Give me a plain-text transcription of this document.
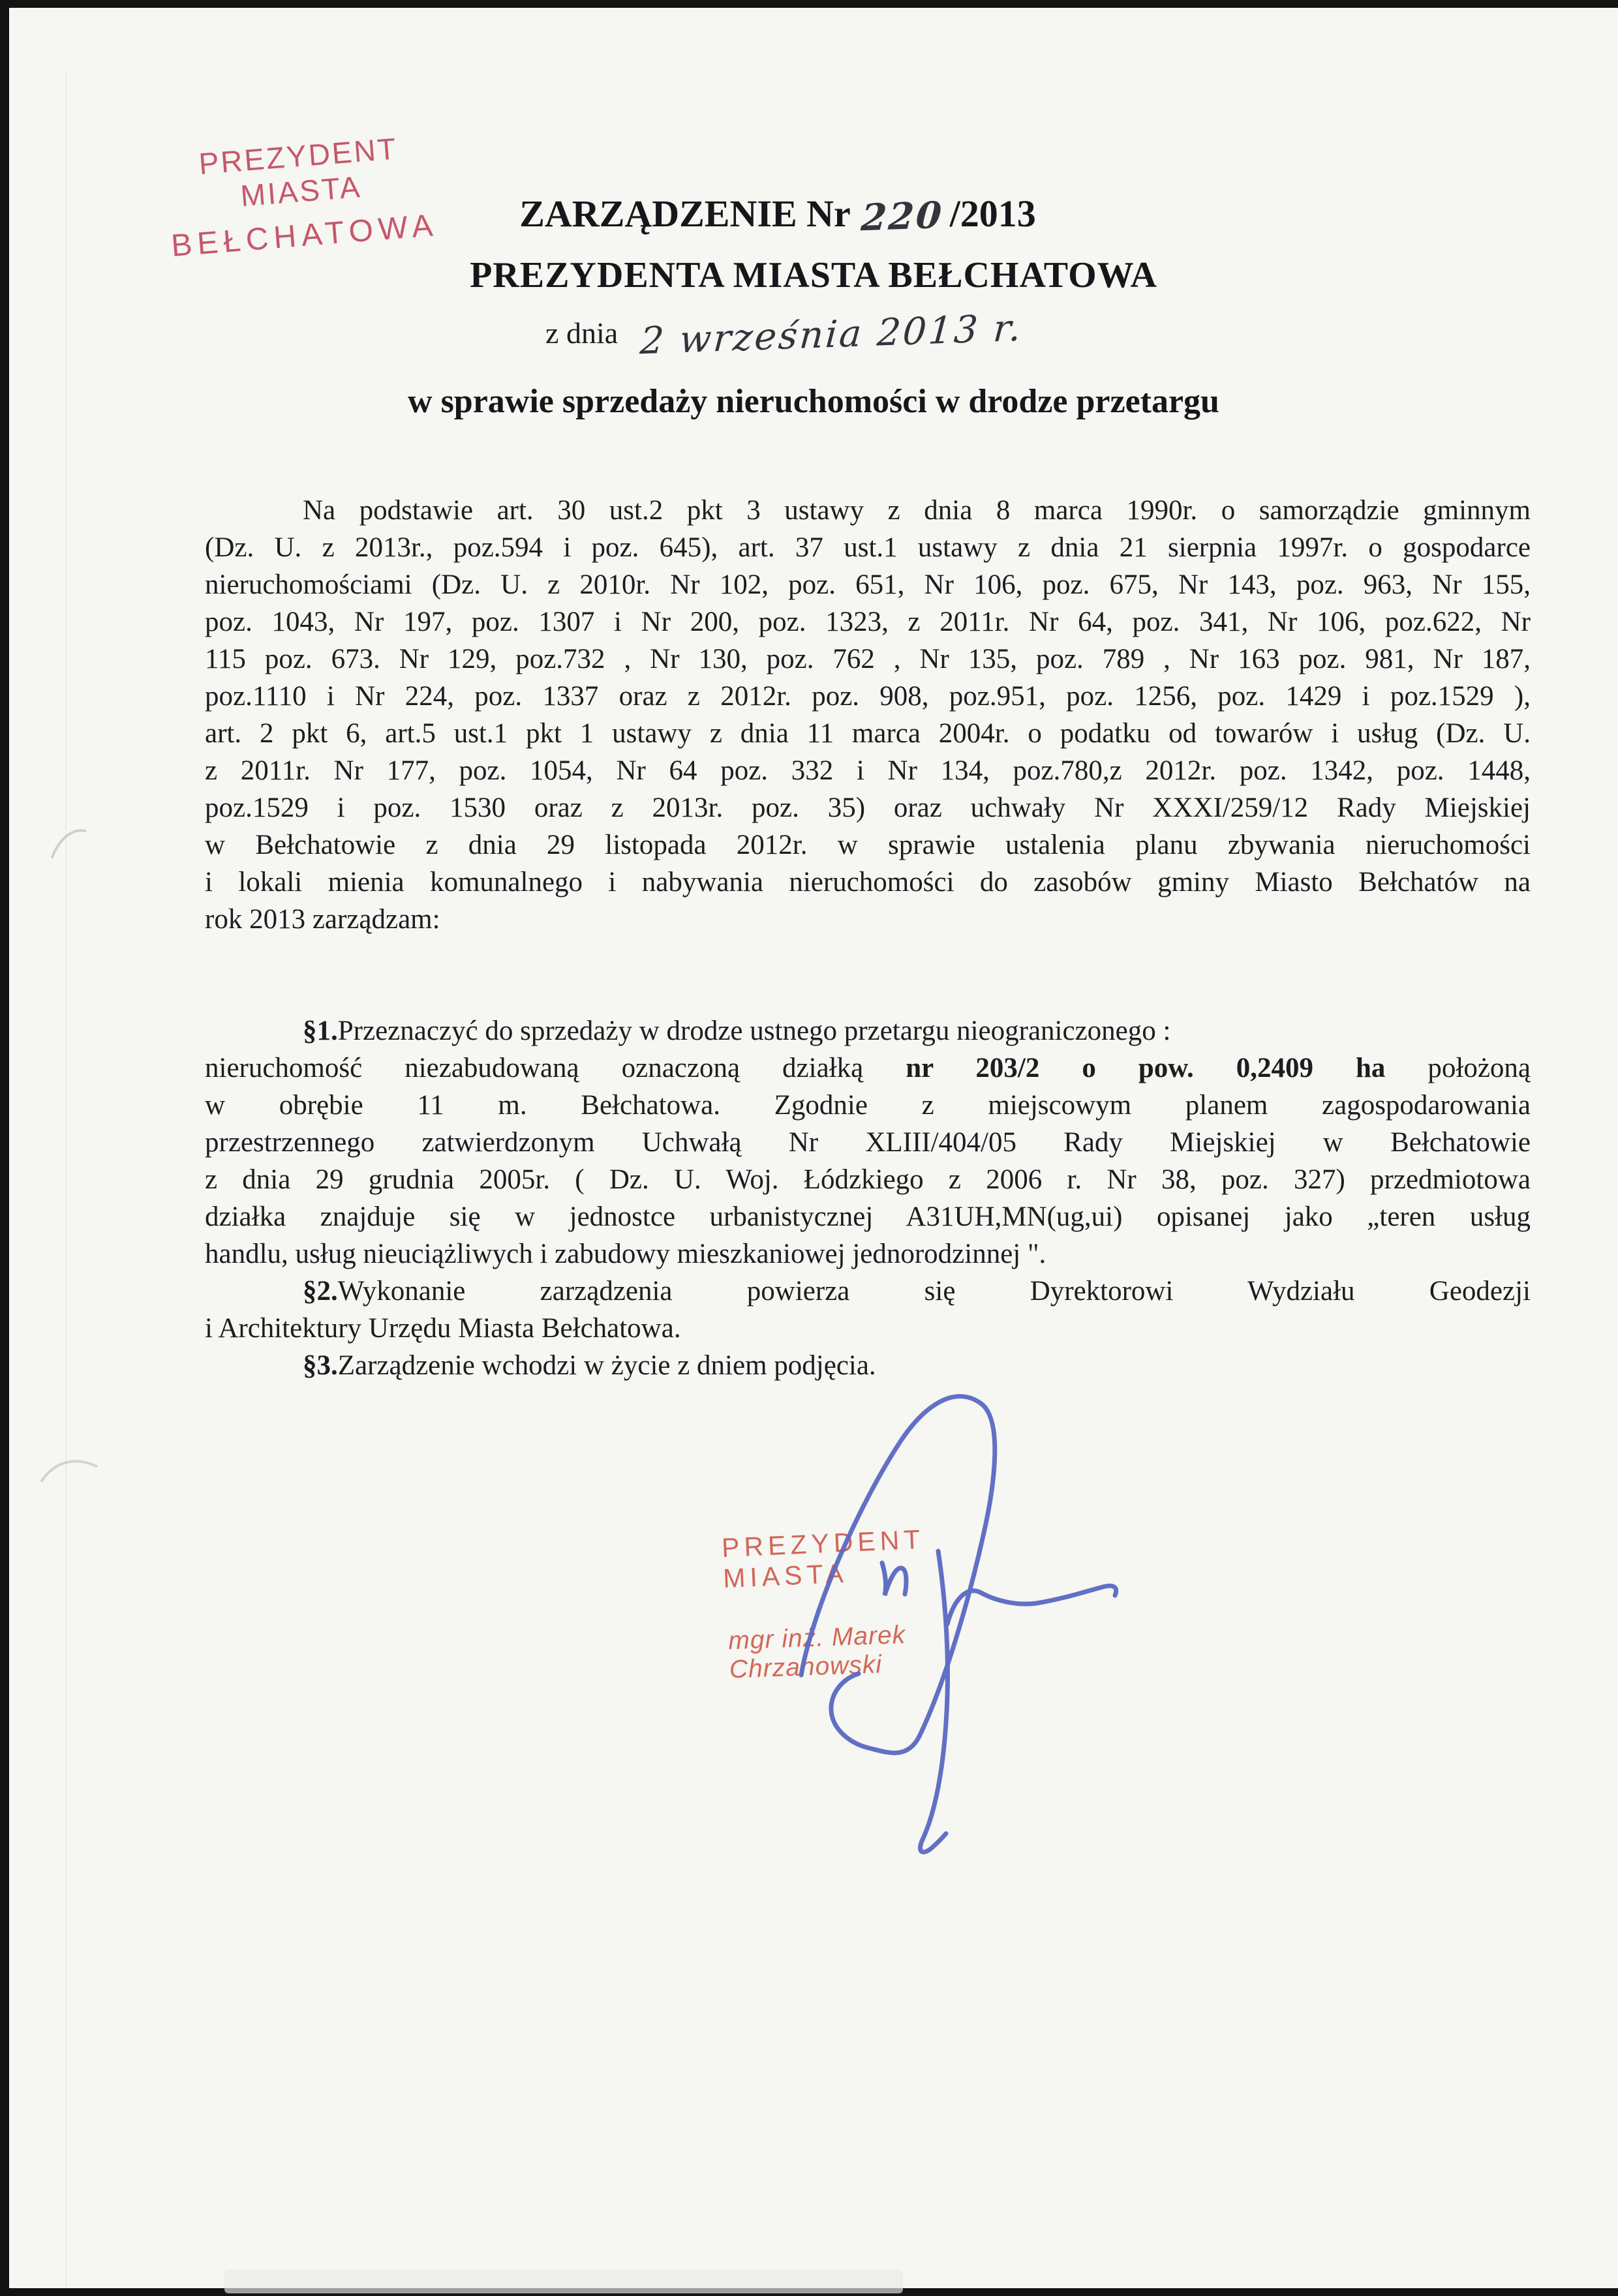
PREZYDENT MIASTA
BEŁCHATOWA	ZARZĄDZENIE Nr 220 /2013
PREZYDENTA MIASTA BEŁCHATOWA
z dnia 2 września 2013 r.
w sprawie sprzedaży nieruchomości w drodze przetargu
Na podstawie art. 30 ust.2 pkt 3 ustawy z dnia 8 marca 1990r. o samorządzie gminnym
(Dz. U. z 2013r., poz.594 i poz. 645), art. 37 ust.1 ustawy z dnia 21 sierpnia 1997r. o gospodarce
nieruchomościami (Dz. U. z 2010r. Nr 102, poz. 651, Nr 106, poz. 675, Nr 143, poz. 963, Nr 155,
poz. 1043, Nr 197, poz. 1307 i Nr 200, poz. 1323, z 2011r. Nr 64, poz. 341, Nr 106, poz.622, Nr
115 poz. 673. Nr 129, poz.732 , Nr 130, poz. 762 , Nr 135, poz. 789 , Nr 163 poz. 981, Nr 187,
poz.1110 i Nr 224, poz. 1337 oraz z 2012r. poz. 908, poz.951, poz. 1256, poz. 1429 i poz.1529 ),
art. 2 pkt 6, art.5 ust.1 pkt 1 ustawy z dnia 11 marca 2004r. o podatku od towarów i usług (Dz. U.
z 2011r. Nr 177, poz. 1054, Nr 64 poz. 332 i Nr 134, poz.780,z 2012r. poz. 1342, poz. 1448,
poz.1529 i poz. 1530 oraz z 2013r. poz. 35) oraz uchwały Nr XXXI/259/12 Rady Miejskiej
w Bełchatowie z dnia 29 listopada 2012r. w sprawie ustalenia planu zbywania nieruchomości
i lokali mienia komunalnego i nabywania nieruchomości do zasobów gminy Miasto Bełchatów na
rok 2013 zarządzam:
§1.Przeznaczyć do sprzedaży w drodze ustnego przetargu nieograniczonego :
nieruchomość niezabudowaną oznaczoną działką nr 203/2 o pow. 0,2409 ha położoną
w obrębie 11 m. Bełchatowa. Zgodnie z miejscowym planem zagospodarowania
przestrzennego zatwierdzonym Uchwałą Nr XLIII/404/05 Rady Miejskiej w Bełchatowie
z dnia 29 grudnia 2005r. ( Dz. U. Woj. Łódzkiego z 2006 r. Nr 38, poz. 327) przedmiotowa
działka znajduje się w jednostce urbanistycznej A31UH,MN(ug,ui) opisanej jako „teren usług
handlu, usług nieuciążliwych i zabudowy mieszkaniowej jednorodzinnej ".
§2.Wykonanie zarządzenia powierza się Dyrektorowi Wydziału Geodezji
i Architektury Urzędu Miasta Bełchatowa.
§3.Zarządzenie wchodzi w życie z dniem podjęcia.
PREZYDENT MIASTA
mgr inż. Marek Chrzanowski
